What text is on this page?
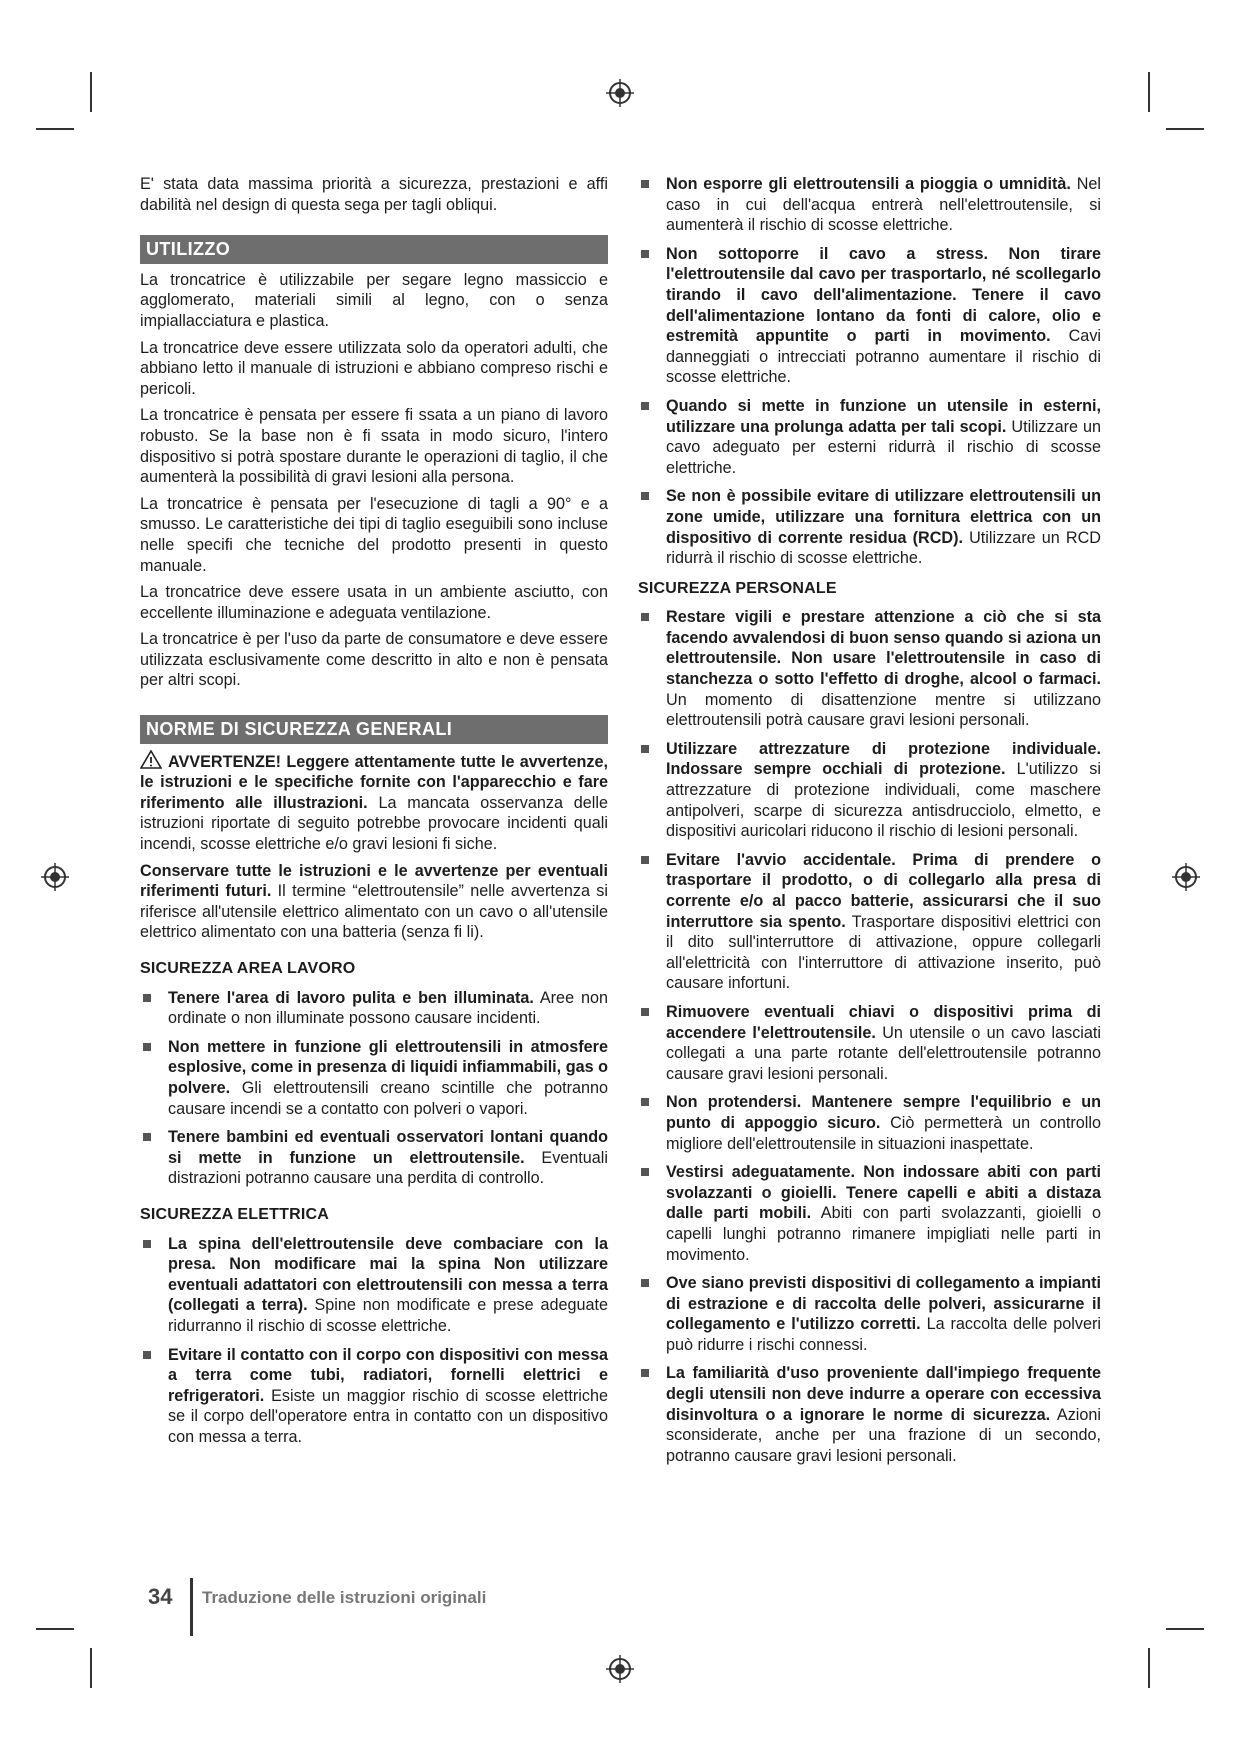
E' stata data massima priorità a sicurezza, prestazioni e affi dabilità nel design di questa sega per tagli obliqui.

UTILIZZO

La troncatrice è utilizzabile per segare legno massiccio e agglomerato, materiali simili al legno, con o senza impiallacciatura e plastica.

La troncatrice deve essere utilizzata solo da operatori adulti, che abbiano letto il manuale di istruzioni e abbiano compreso rischi e pericoli.

La troncatrice è pensata per essere fi ssata a un piano di lavoro robusto. Se la base non è fi ssata in modo sicuro, l'intero dispositivo si potrà spostare durante le operazioni di taglio, il che aumenterà la possibilità di gravi lesioni alla persona.

La troncatrice è pensata per l'esecuzione di tagli a 90° e a smusso. Le caratteristiche dei tipi di taglio eseguibili sono incluse nelle specifi che tecniche del prodotto presenti in questo manuale.

La troncatrice deve essere usata in un ambiente asciutto, con eccellente illuminazione e adeguata ventilazione.

La troncatrice è per l'uso da parte de consumatore e deve essere utilizzata esclusivamente come descritto in alto e non è pensata per altri scopi.

NORME DI SICUREZZA GENERALI

AVVERTENZE! Leggere attentamente tutte le avvertenze, le istruzioni e le specifiche fornite con l'apparecchio e fare riferimento alle illustrazioni. La mancata osservanza delle istruzioni riportate di seguito potrebbe provocare incidenti quali incendi, scosse elettriche e/o gravi lesioni fi siche.

Conservare tutte le istruzioni e le avvertenze per eventuali riferimenti futuri. Il termine “elettroutensile” nelle avvertenza si riferisce all'utensile elettrico alimentato con un cavo o all'utensile elettrico alimentato con una batteria (senza fi li).

SICUREZZA AREA LAVORO
Tenere l'area di lavoro pulita e ben illuminata. Aree non ordinate o non illuminate possono causare incidenti.
Non mettere in funzione gli elettroutensili in atmosfere esplosive, come in presenza di liquidi infiammabili, gas o polvere. Gli elettroutensili creano scintille che potranno causare incendi se a contatto con polveri o vapori.
Tenere bambini ed eventuali osservatori lontani quando si mette in funzione un elettroutensile. Eventuali distrazioni potranno causare una perdita di controllo.
SICUREZZA ELETTRICA
La spina dell'elettroutensile deve combaciare con la presa. Non modificare mai la spina Non utilizzare eventuali adattatori con elettroutensili con messa a terra (collegati a terra). Spine non modificate e prese adeguate ridurranno il rischio di scosse elettriche.
Evitare il contatto con il corpo con dispositivi con messa a terra come tubi, radiatori, fornelli elettrici e refrigeratori. Esiste un maggior rischio di scosse elettriche se il corpo dell'operatore entra in contatto con un dispositivo con messa a terra.
Non esporre gli elettroutensili a pioggia o umnidità. Nel caso in cui dell'acqua entrerà nell'elettroutensile, si aumenterà il rischio di scosse elettriche.
Non sottoporre il cavo a stress. Non tirare l'elettroutensile dal cavo per trasportarlo, né scollegarlo tirando il cavo dell'alimentazione. Tenere il cavo dell'alimentazione lontano da fonti di calore, olio e estremità appuntite o parti in movimento. Cavi danneggiati o intrecciati potranno aumentare il rischio di scosse elettriche.
Quando si mette in funzione un utensile in esterni, utilizzare una prolunga adatta per tali scopi. Utilizzare un cavo adeguato per esterni ridurrà il rischio di scosse elettriche.
Se non è possibile evitare di utilizzare elettroutensili un zone umide, utilizzare una fornitura elettrica con un dispositivo di corrente residua (RCD). Utilizzare un RCD ridurrà il rischio di scosse elettriche.
SICUREZZA PERSONALE
Restare vigili e prestare attenzione a ciò che si sta facendo avvalendosi di buon senso quando si aziona un elettroutensile. Non usare l'elettroutensile in caso di stanchezza o sotto l'effetto di droghe, alcool o farmaci. Un momento di disattenzione mentre si utilizzano elettroutensili potrà causare gravi lesioni personali.
Utilizzare attrezzature di protezione individuale. Indossare sempre occhiali di protezione. L'utilizzo si attrezzature di protezione individuali, come maschere antipolveri, scarpe di sicurezza antisdrucciolo, elmetto, e dispositivi auricolari riducono il rischio di lesioni personali.
Evitare l'avvio accidentale. Prima di prendere o trasportare il prodotto, o di collegarlo alla presa di corrente e/o al pacco batterie, assicurarsi che il suo interruttore sia spento. Trasportare dispositivi elettrici con il dito sull'interruttore di attivazione, oppure collegarli all'elettricità con l'interruttore di attivazione inserito, può causare infortuni.
Rimuovere eventuali chiavi o dispositivi prima di accendere l'elettroutensile. Un utensile o un cavo lasciati collegati a una parte rotante dell'elettroutensile potranno causare gravi lesioni personali.
Non protendersi. Mantenere sempre l'equilibrio e un punto di appoggio sicuro. Ciò permetterà un controllo migliore dell'elettroutensile in situazioni inaspettate.
Vestirsi adeguatamente. Non indossare abiti con parti svolazzanti o gioielli. Tenere capelli e abiti a distaza dalle parti mobili. Abiti con parti svolazzanti, gioielli o capelli lunghi potranno rimanere impigliati nelle parti in movimento.
Ove siano previsti dispositivi di collegamento a impianti di estrazione e di raccolta delle polveri, assicurarne il collegamento e l'utilizzo corretti. La raccolta delle polveri può ridurre i rischi connessi.
La familiarità d'uso proveniente dall'impiego frequente degli utensili non deve indurre a operare con eccessiva disinvoltura o a ignorare le norme di sicurezza. Azioni sconsiderate, anche per una frazione di un secondo, potranno causare gravi lesioni personali.
34 Traduzione delle istruzioni originali
